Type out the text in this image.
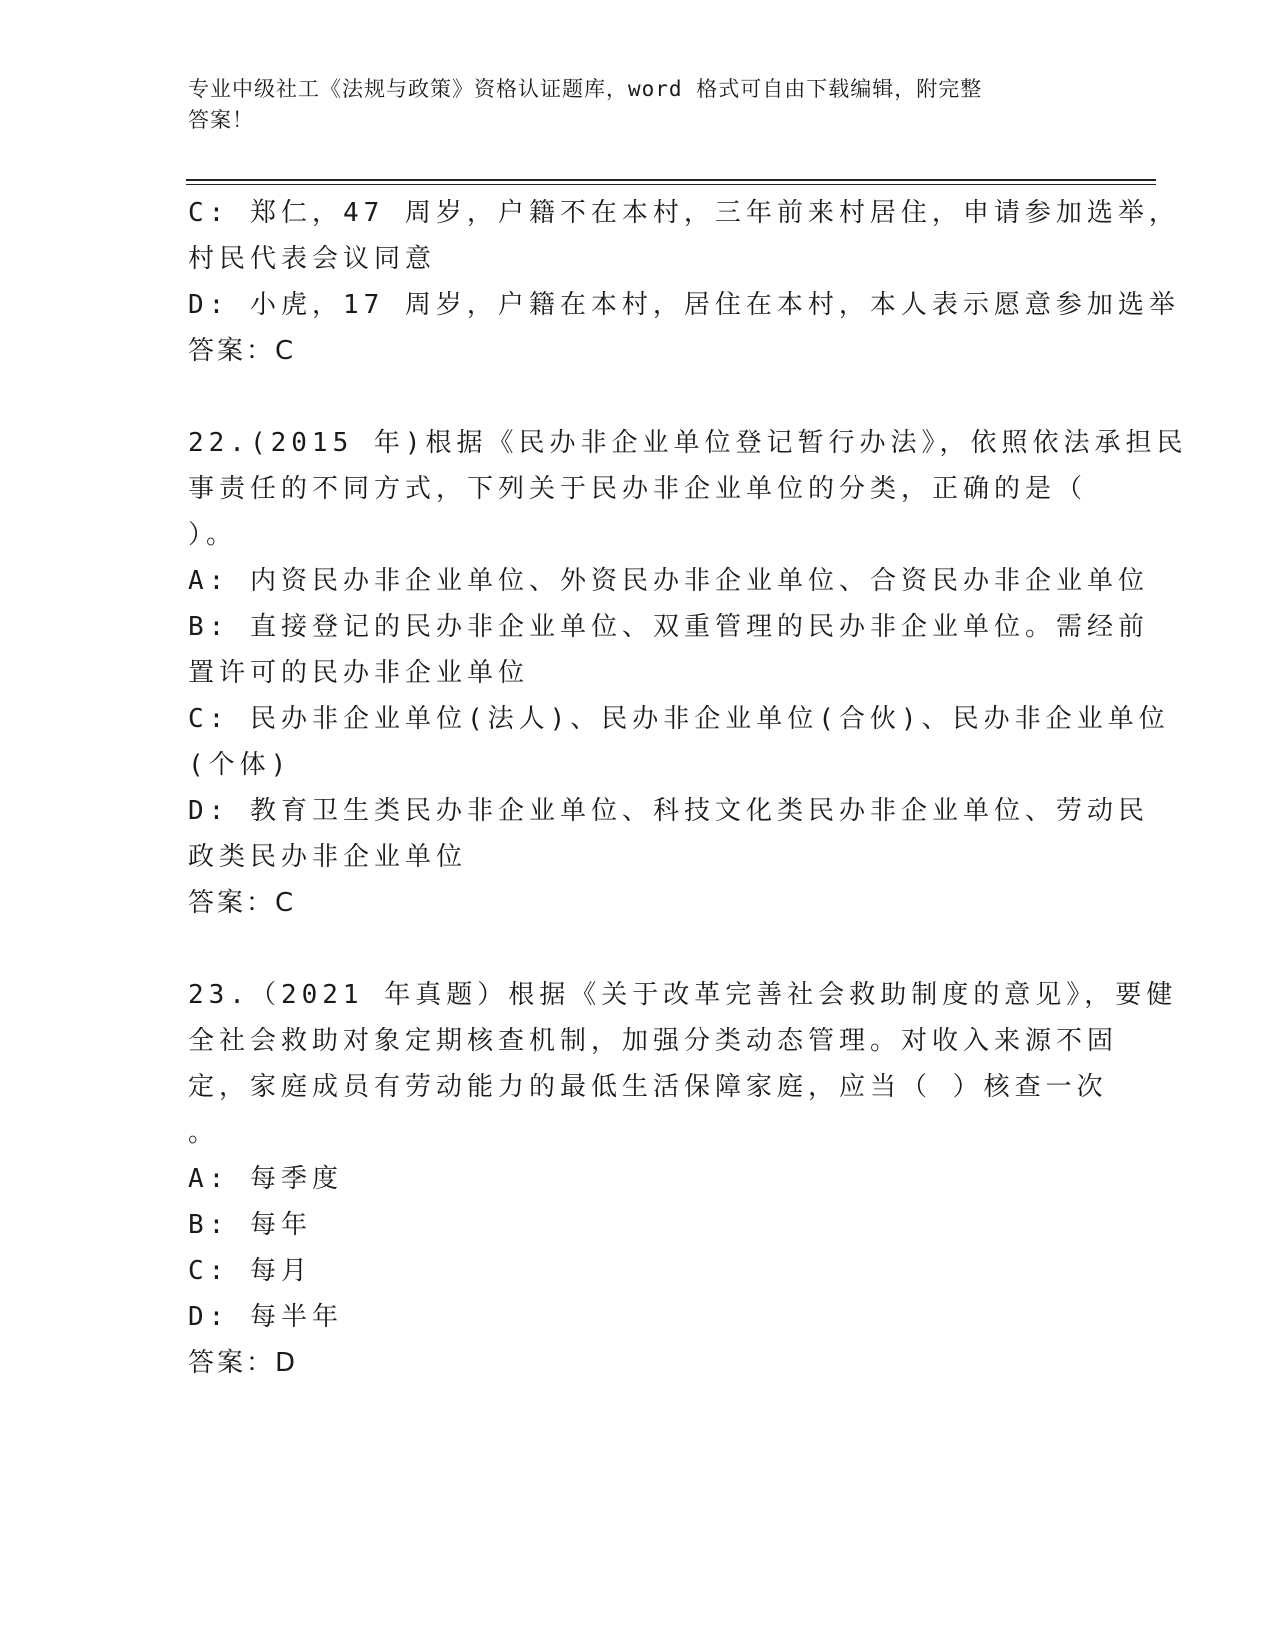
专业中级社工《法规与政策》资格认证题库，word 格式可自由下载编辑，附完整
答案！
C: 郑仁，47 周岁，户籍不在本村，三年前来村居住，申请参加选举，
村民代表会议同意
D: 小虎，17 周岁，户籍在本村，居住在本村，本人表示愿意参加选举
答案：C
22.(2015 年)根据《民办非企业单位登记暂行办法》，依照依法承担民
事责任的不同方式，下列关于民办非企业单位的分类，正确的是（
）。
A: 内资民办非企业单位、外资民办非企业单位、合资民办非企业单位
B: 直接登记的民办非企业单位、双重管理的民办非企业单位。需经前
置许可的民办非企业单位
C: 民办非企业单位(法人)、民办非企业单位(合伙)、民办非企业单位
(个体)
D: 教育卫生类民办非企业单位、科技文化类民办非企业单位、劳动民
政类民办非企业单位
答案：C
23.（2021 年真题）根据《关于改革完善社会救助制度的意见》，要健
全社会救助对象定期核查机制，加强分类动态管理。对收入来源不固
定，家庭成员有劳动能力的最低生活保障家庭，应当（ ）核查一次
。
A: 每季度
B: 每年
C: 每月
D: 每半年
答案：D
